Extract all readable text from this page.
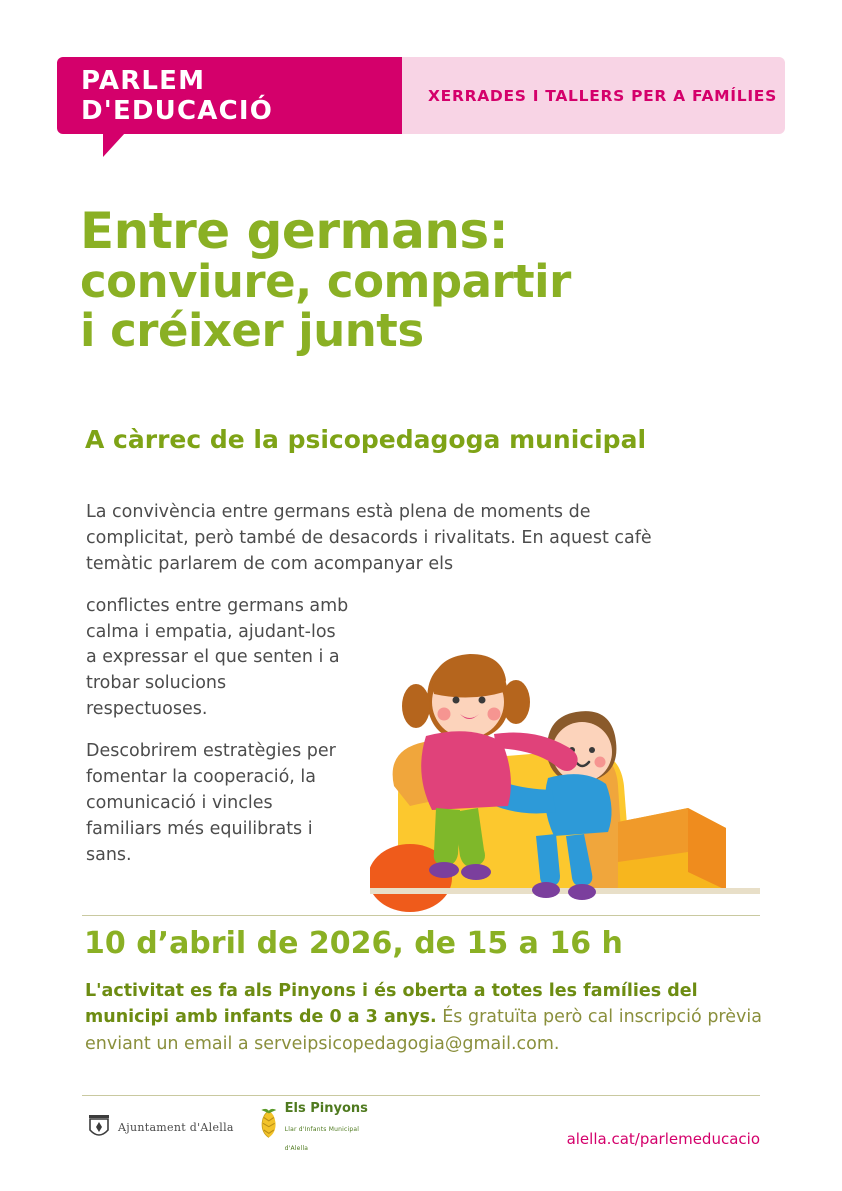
PARLEM D'EDUCACIÓ	XERRADES I TALLERS PER A FAMÍLIES
Entre germans:
conviure, compartir
i créixer junts
A càrrec de la psicopedagoga municipal

La convivència entre germans està plena de moments de complicitat, però també de desacords i rivalitats. En aquest cafè temàtic parlarem de com acompanyar els

conflictes entre germans amb calma i empatia, ajudant-los a expressar el que senten i a trobar solucions respectuoses.

Descobrirem estratègies per fomentar la cooperació, la comunicació i vincles familiars més equilibrats i sans.

10 d’abril de 2026, de 15 a 16 h
L'activitat es fa als Pinyons i és oberta a totes les famílies del municipi amb infants de 0 a 3 anys. És gratuïta però cal inscripció prèvia enviant un email a serveipsicopedagogia@gmail.com.
Ajuntament d'Alella
Els Pinyons
Llar d'Infants Municipal d'Alella	alella.cat/parlemeducacio
